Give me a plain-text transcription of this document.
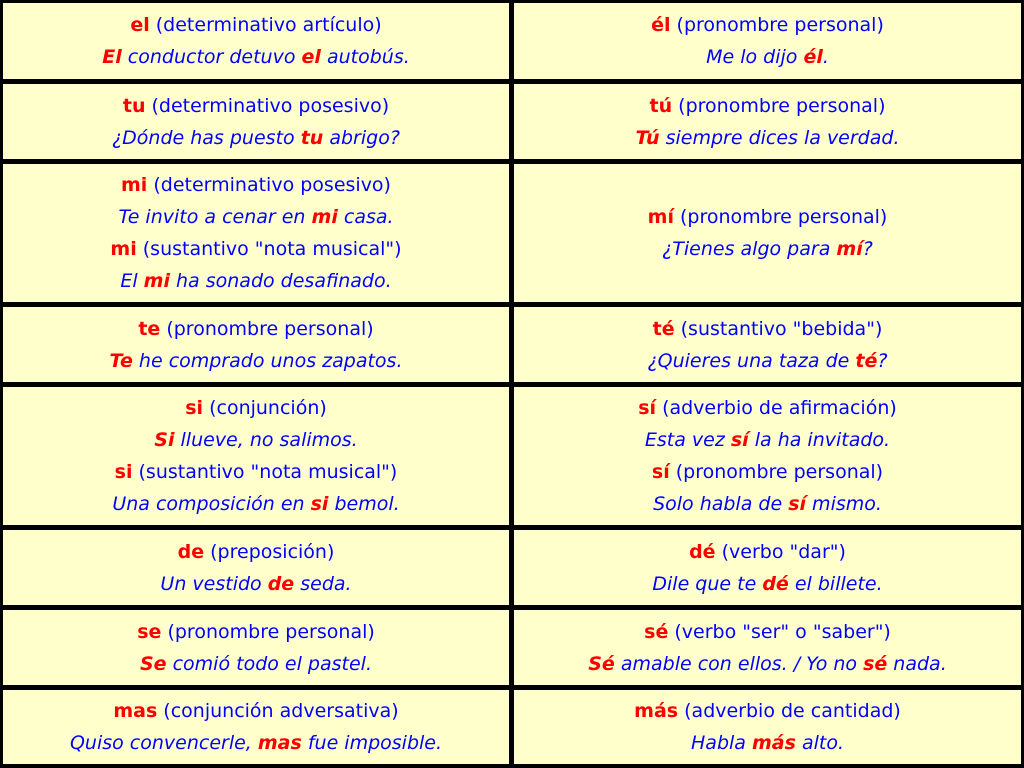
el (determinativo artículo)
El conductor detuvo el autobús.
él (pronombre personal)
Me lo dijo él.
tu (determinativo posesivo)
¿Dónde has puesto tu abrigo?
tú (pronombre personal)
Tú siempre dices la verdad.
mi (determinativo posesivo)
Te invito a cenar en mi casa.
mi (sustantivo "nota musical")
El mi ha sonado desafinado.
mí (pronombre personal)
¿Tienes algo para mí?
te (pronombre personal)
Te he comprado unos zapatos.
té (sustantivo "bebida")
¿Quieres una taza de té?
si (conjunción)
Si llueve, no salimos.
si (sustantivo "nota musical")
Una composición en si bemol.
sí (adverbio de afirmación)
Esta vez sí la ha invitado.
sí (pronombre personal)
Solo habla de sí mismo.
de (preposición)
Un vestido de seda.
dé (verbo "dar")
Dile que te dé el billete.
se (pronombre personal)
Se comió todo el pastel.
sé (verbo "ser" o "saber")
Sé amable con ellos. / Yo no sé nada.
mas (conjunción adversativa)
Quiso convencerle, mas fue imposible.
más (adverbio de cantidad)
Habla más alto.
